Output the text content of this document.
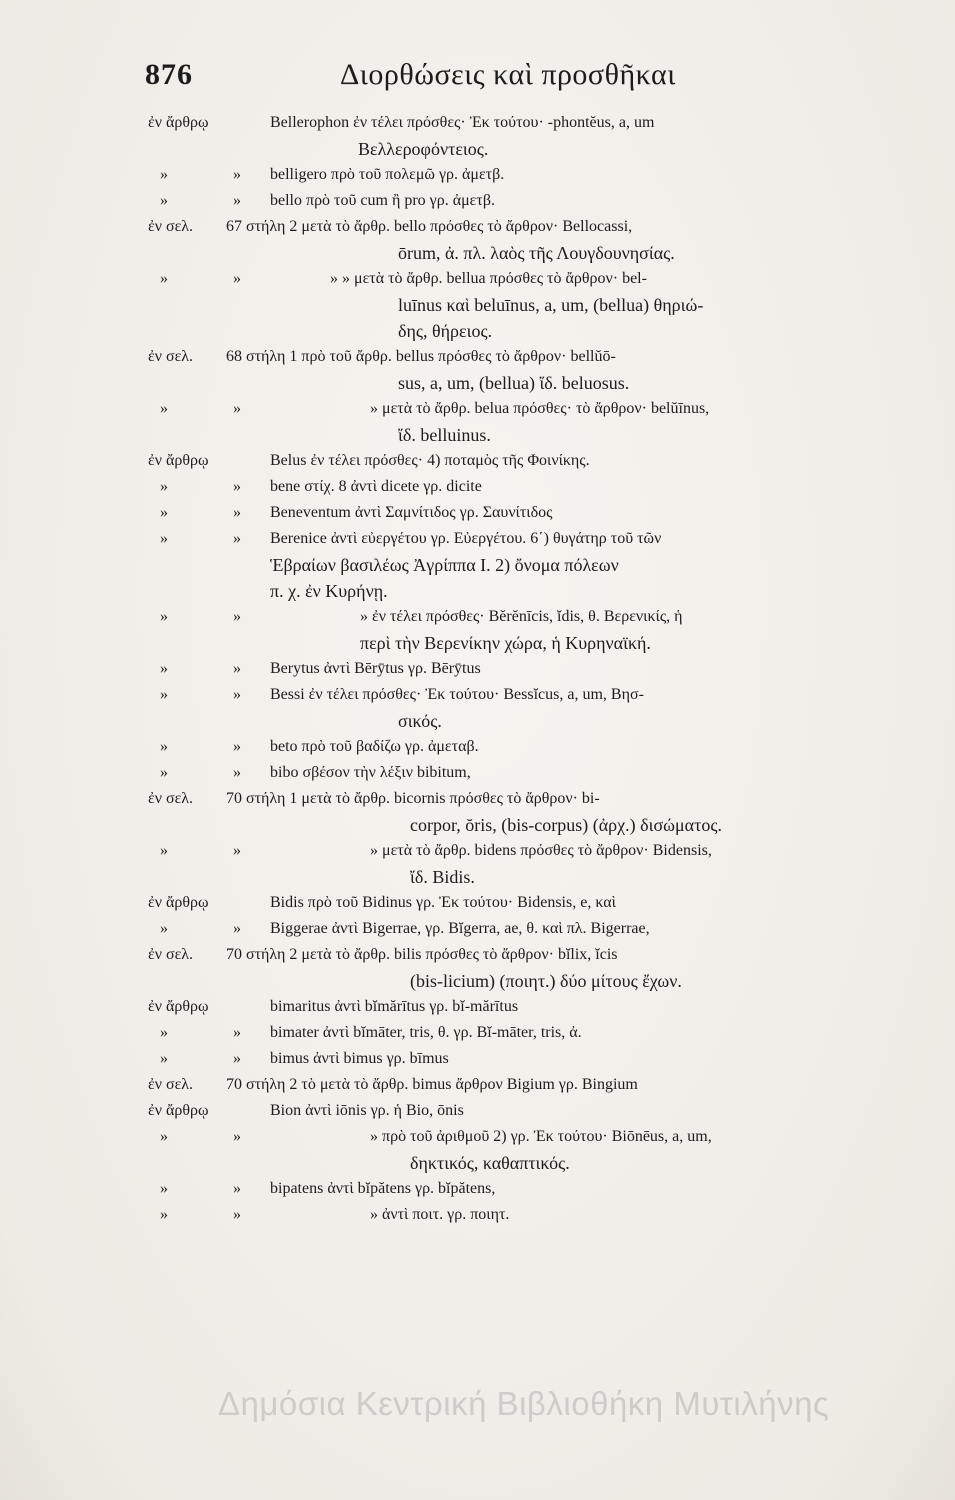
876	Διορθώσεις καὶ προσθῆκαι
ἐν ἄρθρῳ	Bellerophon ἐν τέλει πρόσθες· Ἐκ τούτου· -phontĕus, a, um
Βελλεροφόντειος.
»	» belligero πρὸ τοῦ πολεμῶ γρ. ἀμετβ.
»	» bello πρὸ τοῦ cum ἢ pro γρ. ἀμετβ.
ἐν σελ. 67 στήλη 2 μετὰ τὸ ἄρθρ. bello πρόσθες τὸ ἄρθρον· Bellocassi,
ōrum, ἀ. πλ. λαὸς τῆς Λουγδουνησίας.
»	»	» » μετὰ τὸ ἄρθρ. bellua πρόσθες τὸ ἄρθρον· bel-
luīnus καὶ beluīnus, a, um, (bellua) θηριώ-
δης, θήρειος.
ἐν σελ. 68 στήλη 1 πρὸ τοῦ ἄρθρ. bellus πρόσθες τὸ ἄρθρον· bellŭō-
sus, a, um, (bellua) ἴδ. beluosus.
»	»	» μετὰ τὸ ἄρθρ. belua πρόσθες· τὸ ἄρθρον· belŭīnus,
ἴδ. belluinus.
ἐν ἄρθρῳ	Belus ἐν τέλει πρόσθες· 4) ποταμὸς τῆς Φοινίκης.
»	» bene στίχ. 8 ἀντὶ dicete γρ. dicite
»	» Beneventum ἀντὶ Σαμνίτιδος γρ. Σαυνίτιδος
»	» Berenice ἀντὶ εὐεργέτου γρ. Εὐεργέτου. 6΄) θυγάτηρ τοῦ τῶν
Ἑβραίων βασιλέως Ἀγρίππα Ι. 2) ὄνομα πόλεων
π. χ. ἐν Κυρήνῃ.
»	»	» ἐν τέλει πρόσθες· Bĕrĕnīcis, ĭdis, θ. Βερενικίς, ἡ
περὶ τὴν Βερενίκην χώρα, ἡ Κυρηναϊκή.
»	» Berytus ἀντὶ Bērȳtus γρ. Bērȳtus
»	» Bessi ἐν τέλει πρόσθες· Ἐκ τούτου· Bessĭcus, a, um, Βησ-
σικός.
»	» beto πρὸ τοῦ βαδίζω γρ. ἀμεταβ.
»	» bibo σβέσον τὴν λέξιν bibitum,
ἐν σελ. 70 στήλη 1 μετὰ τὸ ἄρθρ. bicornis πρόσθες τὸ ἄρθρον· bi-
corpor, ŏris, (bis-corpus) (ἀρχ.) δισώματος.
»	»	» μετὰ τὸ ἄρθρ. bidens πρόσθες τὸ ἄρθρον· Bidensis,
ἴδ. Bidis.
ἐν ἄρθρῳ	Bidis πρὸ τοῦ Bidinus γρ. Ἐκ τούτου· Bidensis, e, καὶ
»	» Biggerae ἀντὶ Bigerrae, γρ. Bĭgerra, ae, θ. καὶ πλ. Bigerrae,
ἐν σελ. 70 στήλη 2 μετὰ τὸ ἄρθρ. bilis πρόσθες τὸ ἄρθρον· bĭlix, ĭcis
(bis-licium) (ποιητ.) δύο μίτους ἔχων.
ἐν ἄρθρῳ	bimaritus ἀντὶ bĭmărītus γρ. bĭ-mărītus
»	» bimater ἀντὶ bĭmāter, tris, θ. γρ. Bĭ-māter, tris, ἀ.
»	» bimus ἀντὶ bimus γρ. bīmus
ἐν σελ. 70 στήλη 2 τὸ μετὰ τὸ ἄρθρ. bimus ἄρθρον Bigium γρ. Bingium
ἐν ἄρθρῳ	Bion ἀντὶ iōnis γρ. ἡ Bio, ōnis
»	»	» πρὸ τοῦ ἀριθμοῦ 2) γρ. Ἐκ τούτου· Biōnēus, a, um,
δηκτικός, καθαπτικός.
»	» bipatens ἀντὶ bĭpătens γρ. bĭpătens,
»	»	» ἀντὶ ποιτ. γρ. ποιητ.
Δημόσια Κεντρική Βιβλιοθήκη Μυτιλήνης
